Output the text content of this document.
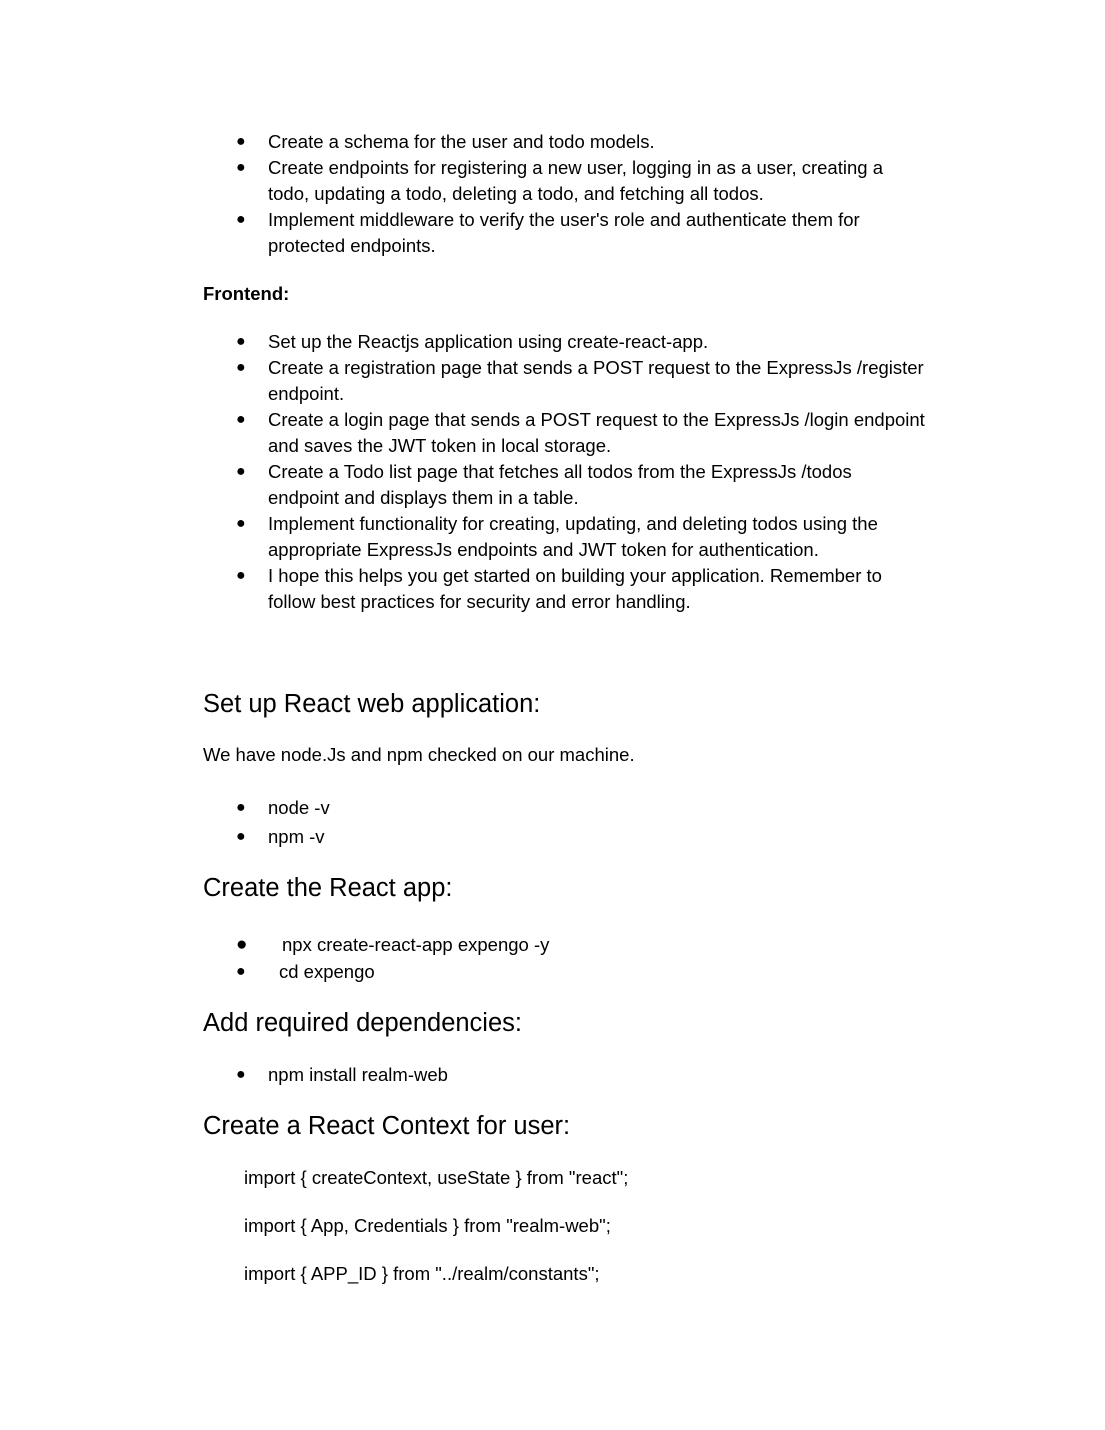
● Create a schema for the user and todo models.
● Create endpoints for registering a new user, logging in as a user, creating a
todo, updating a todo, deleting a todo, and fetching all todos.
● Implement middleware to verify the user's role and authenticate them for
protected endpoints.
Frontend:
● Set up the Reactjs application using create-react-app.
● Create a registration page that sends a POST request to the ExpressJs /register
endpoint.
● Create a login page that sends a POST request to the ExpressJs /login endpoint
and saves the JWT token in local storage.
● Create a Todo list page that fetches all todos from the ExpressJs /todos
endpoint and displays them in a table.
● Implement functionality for creating, updating, and deleting todos using the
appropriate ExpressJs endpoints and JWT token for authentication.
● I hope this helps you get started on building your application. Remember to
follow best practices for security and error handling.
Set up React web application:
We have node.Js and npm checked on our machine.
● node -v
● npm -v
Create the React app:
● npx create-react-app expengo -y
● cd expengo
Add required dependencies:
● npm install realm-web
Create a React Context for user:
import { createContext, useState } from "react";
import { App, Credentials } from "realm-web";
import { APP_ID } from "../realm/constants";
